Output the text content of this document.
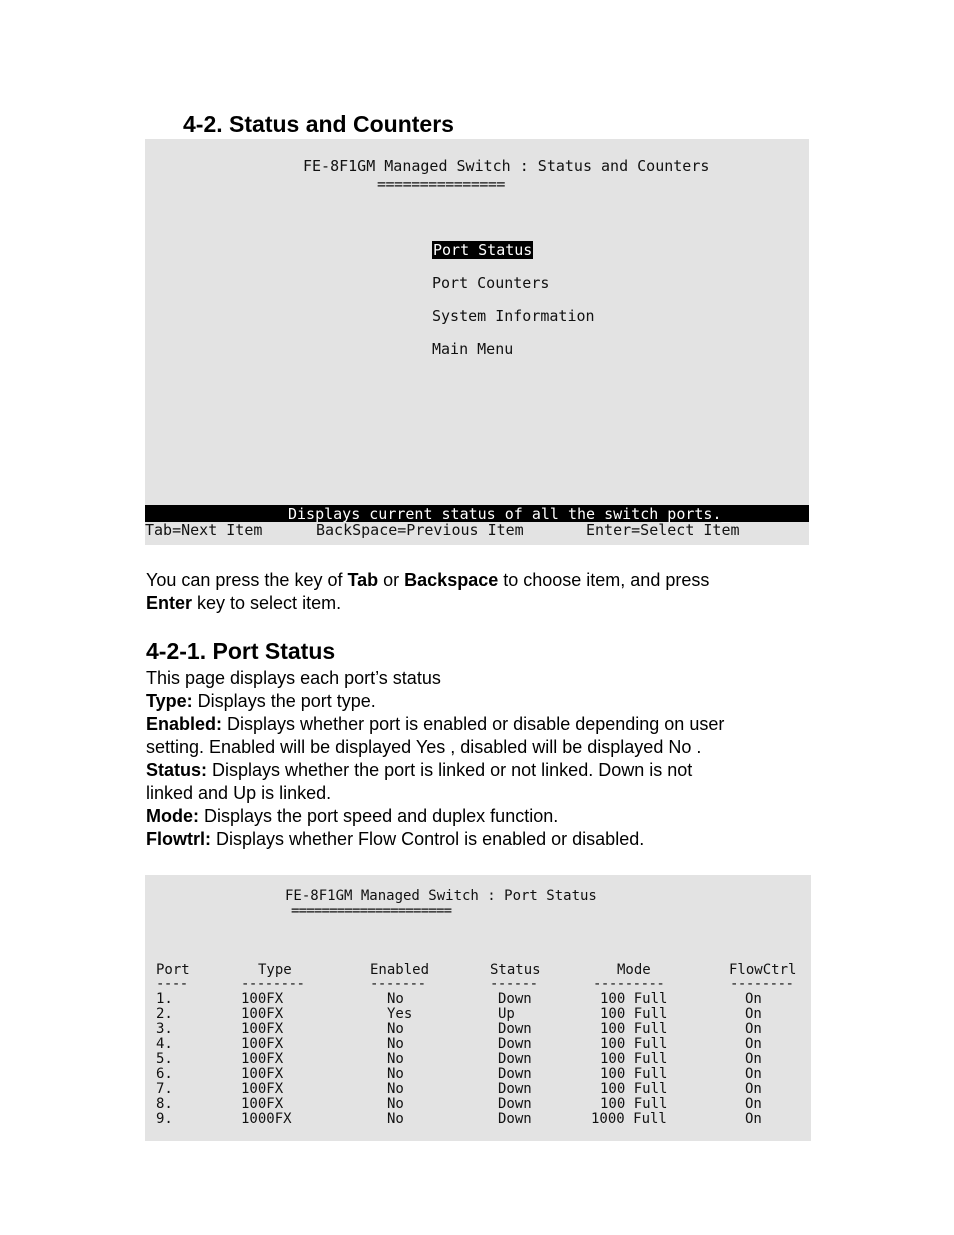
4-2. Status and Counters
FE-8F1GM Managed Switch : Status and Counters
===============
Port Status
Port Counters
System Information
Main Menu
Displays current status of all the switch ports._
Tab=Next Item	BackSpace=Previous Item	Enter=Select Item

You can press the key of Tab or Backspace to choose item, and press
Enter key to select item.

4-2-1. Port Status

This page displays each port’s status
Type: Displays the port type.
Enabled: Displays whether port is enabled or disable depending on user
setting. Enabled will be displayed Yes , disabled will be displayed No .
Status: Displays whether the port is linked or not linked. Down is not
linked and Up is linked.
Mode: Displays the port speed and duplex function.
Flowtrl: Displays whether Flow Control is enabled or disabled.

FE-8F1GM Managed Switch : Port Status
=====================
Port	Type	Enabled	Status	Mode	FlowCtrl
----	--------	-------	------	---------	--------
1.	100FX	No	Down	100 Full	On
2.	100FX	Yes	Up	100 Full	On
3.	100FX	No	Down	100 Full	On
4.	100FX	No	Down	100 Full	On
5.	100FX	No	Down	100 Full	On
6.	100FX	No	Down	100 Full	On
7.	100FX	No	Down	100 Full	On
8.	100FX	No	Down	100 Full	On
9.	1000FX	No	Down	1000 Full	On
